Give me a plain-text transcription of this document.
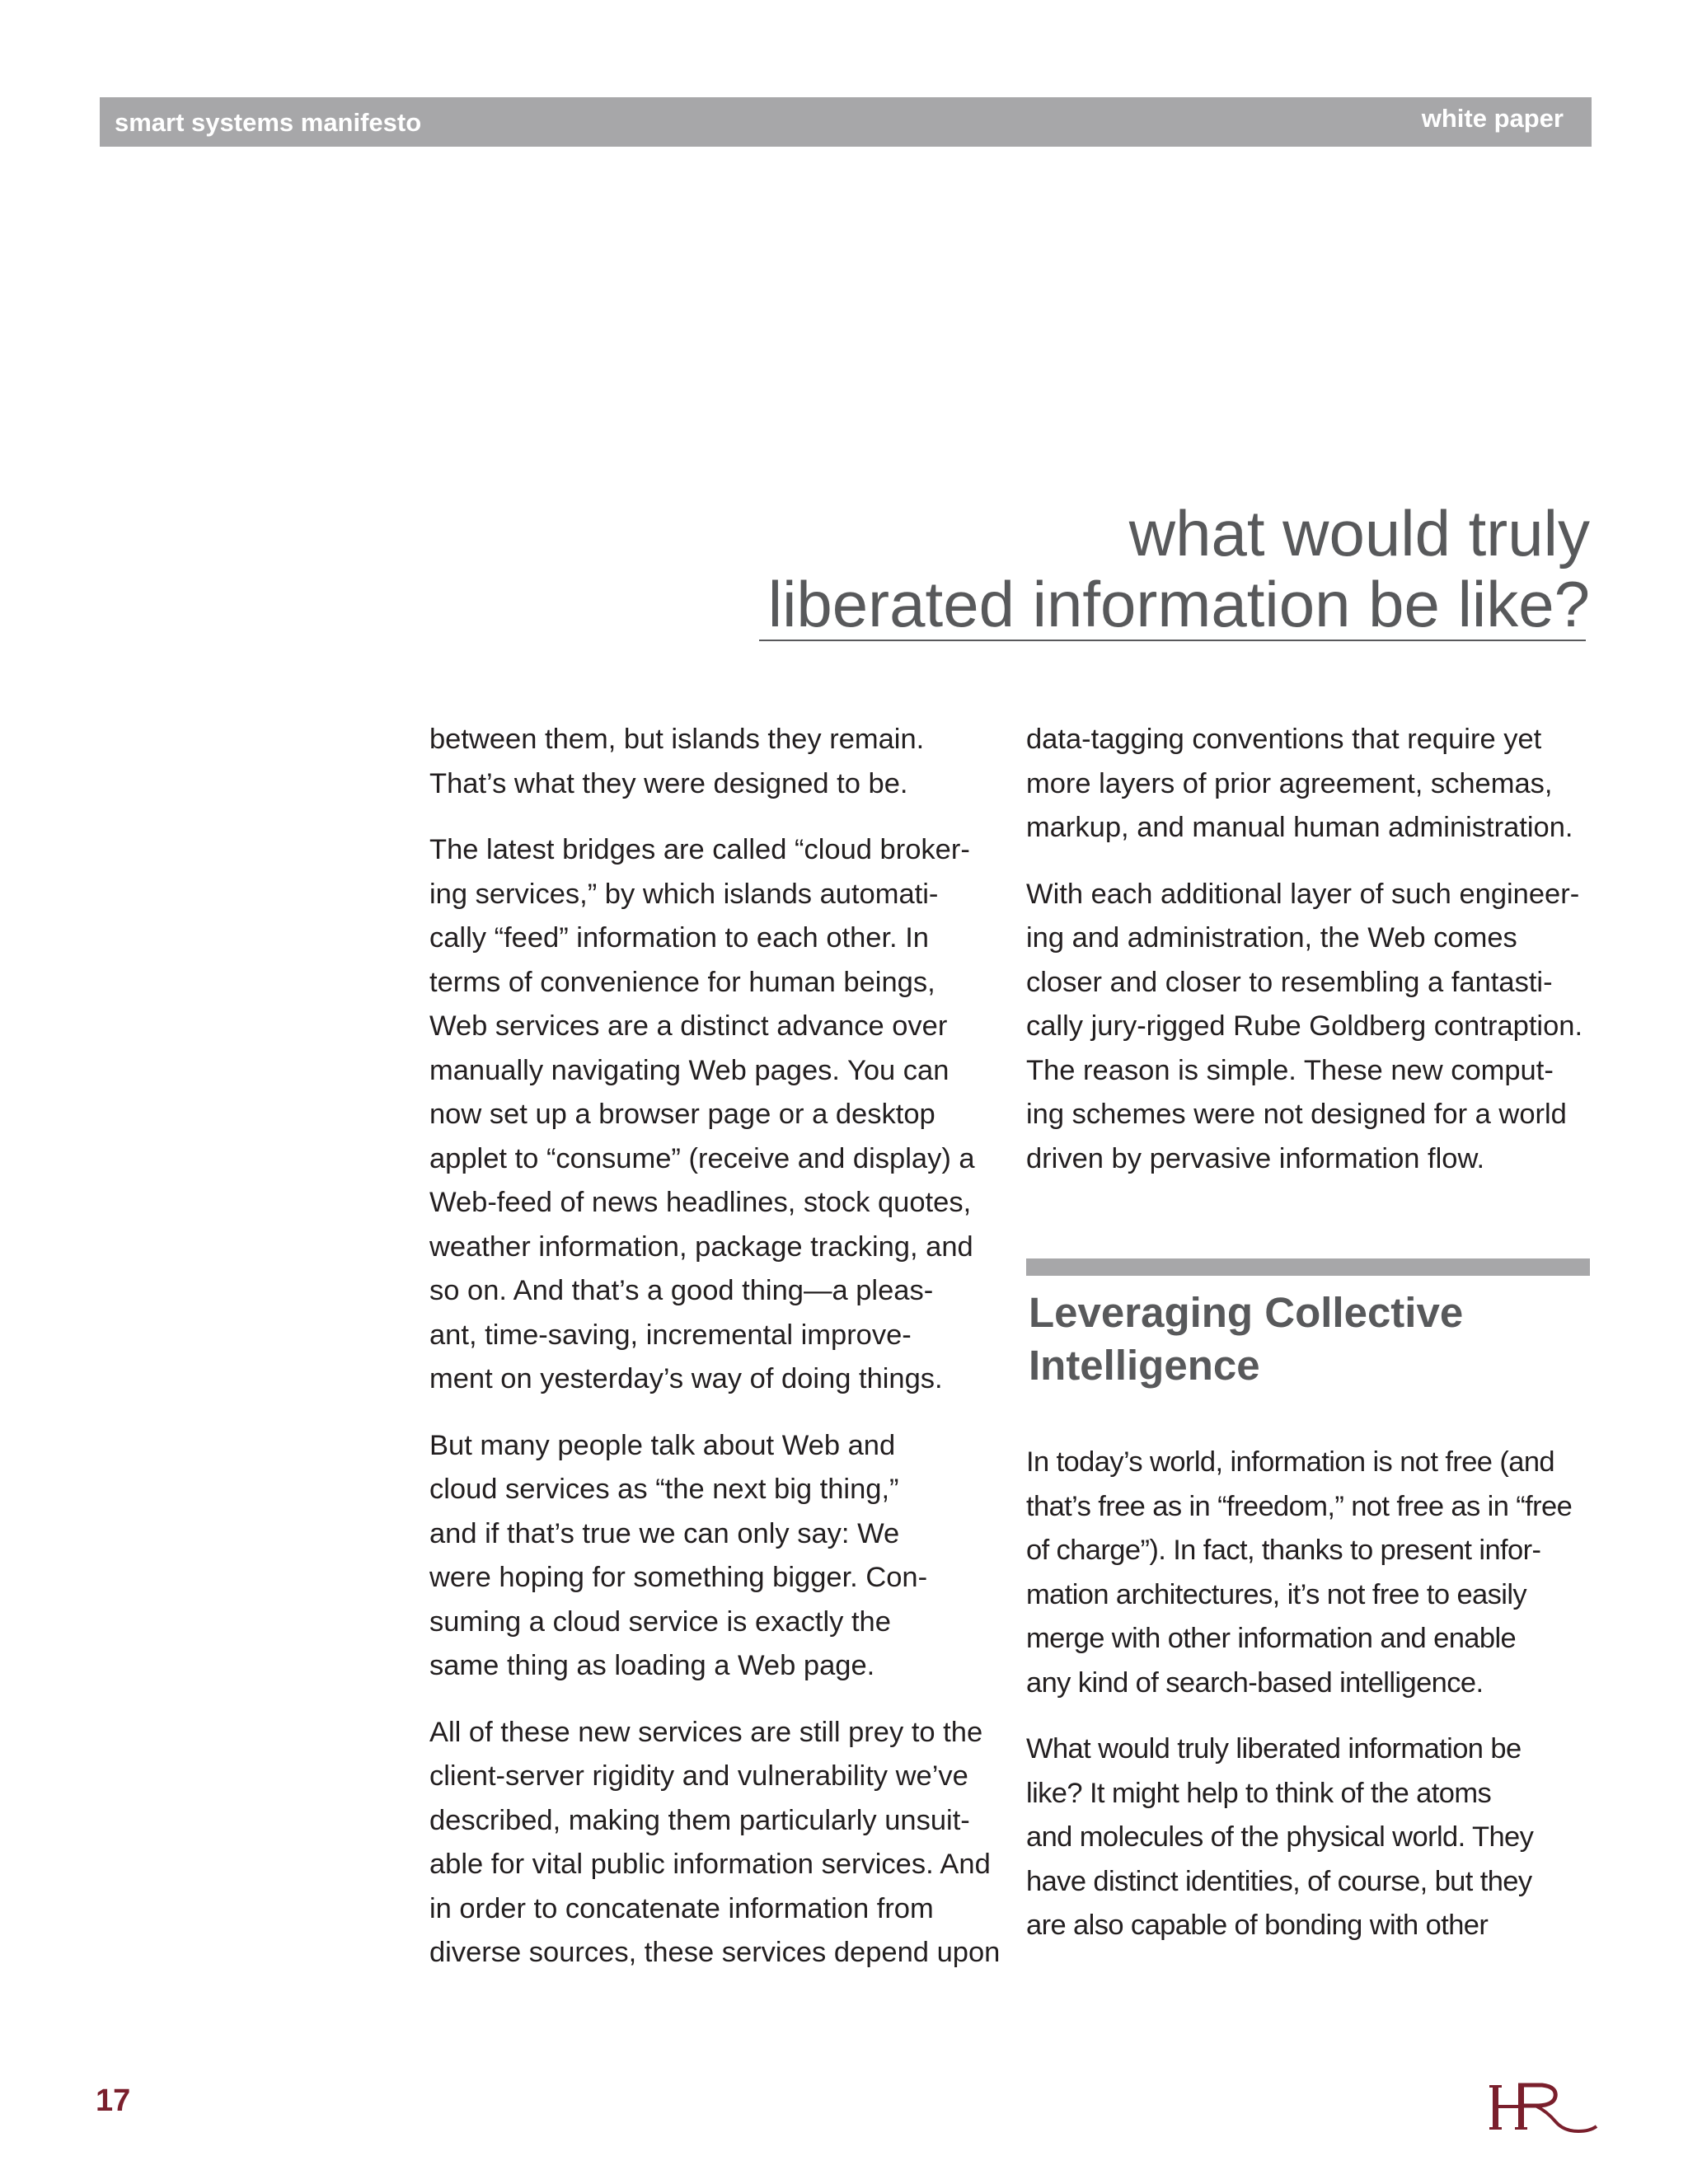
smart systems manifesto	white paper
what would truly
liberated information be like?

between them, but islands they remain.
That’s what they were designed to be.

The latest bridges are called “cloud broker-
ing services,” by which islands automati-
cally “feed” information to each other. In
terms of convenience for human beings,
Web services are a distinct advance over
manually navigating Web pages. You can
now set up a browser page or a desktop
applet to “consume” (receive and display) a
Web-feed of news headlines, stock quotes,
weather information, package tracking, and
so on. And that’s a good thing—a pleas-
ant, time-saving, incremental improve-
ment on yesterday’s way of doing things.

But many people talk about Web and
cloud services as “the next big thing,”
and if that’s true we can only say: We
were hoping for something bigger. Con-
suming a cloud service is exactly the
same thing as loading a Web page.

All of these new services are still prey to the
client-server rigidity and vulnerability we’ve
described, making them particularly unsuit-
able for vital public information services. And
in order to concatenate information from
diverse sources, these services depend upon

data-tagging conventions that require yet
more layers of prior agreement, schemas,
markup, and manual human administration.

With each additional layer of such engineer-
ing and administration, the Web comes
closer and closer to resembling a fantasti-
cally jury-rigged Rube Goldberg contraption.
The reason is simple. These new comput-
ing schemes were not designed for a world
driven by pervasive information flow.

Leveraging Collective
Intelligence

In today’s world, information is not free (and
that’s free as in “freedom,” not free as in “free
of charge”). In fact, thanks to present infor-
mation architectures, it’s not free to easily
merge with other information and enable
any kind of search-based intelligence.

What would truly liberated information be
like? It might help to think of the atoms
and molecules of the physical world. They
have distinct identities, of course, but they
are also capable of bonding with other

17
